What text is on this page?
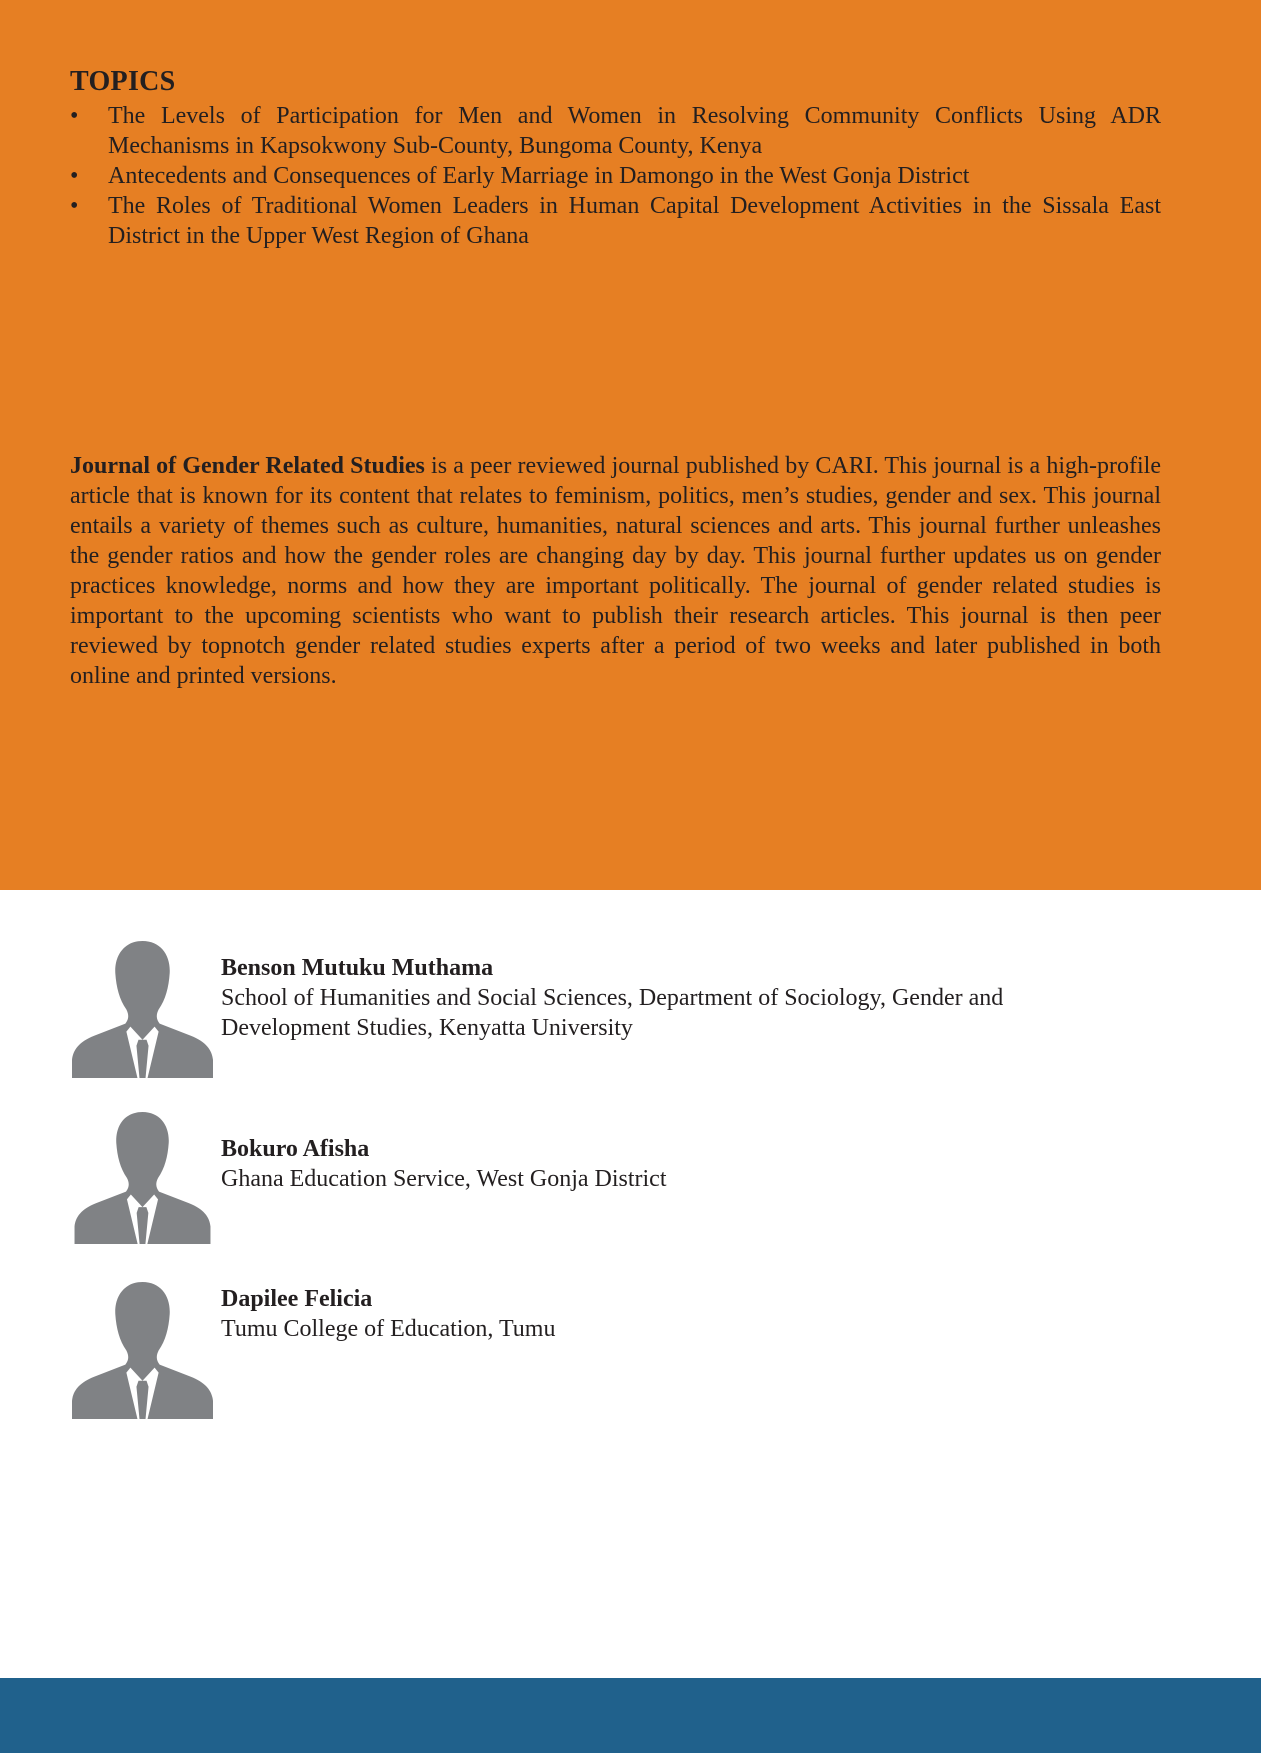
TOPICS
• The Levels of Participation for Men and Women in Resolving Community Conflicts Using ADR Mechanisms in Kapsokwony Sub-County, Bungoma County, Kenya
• Antecedents and Consequences of Early Marriage in Damongo in the West Gonja District
• The Roles of Traditional Women Leaders in Human Capital Development Activities in the Sissala East District in the Upper West Region of Ghana

Journal of Gender Related Studies is a peer reviewed journal published by CARI. This journal is a high-profile article that is known for its content that relates to feminism, politics, men’s studies, gender and sex. This journal entails a variety of themes such as culture, humanities, natural sciences and arts. This journal further unleashes the gender ratios and how the gender roles are changing day by day. This journal further updates us on gender practices knowledge, norms and how they are important politically. The journal of gender related studies is important to the upcoming scientists who want to publish their research articles. This journal is then peer reviewed by topnotch gender related studies experts after a period of two weeks and later published in both online and printed versions.

Benson Mutuku Muthama
School of Humanities and Social Sciences, Department of Sociology, Gender and Development Studies, Kenyatta University
Bokuro Afisha
Ghana Education Service, West Gonja District
Dapilee Felicia
Tumu College of Education, Tumu
